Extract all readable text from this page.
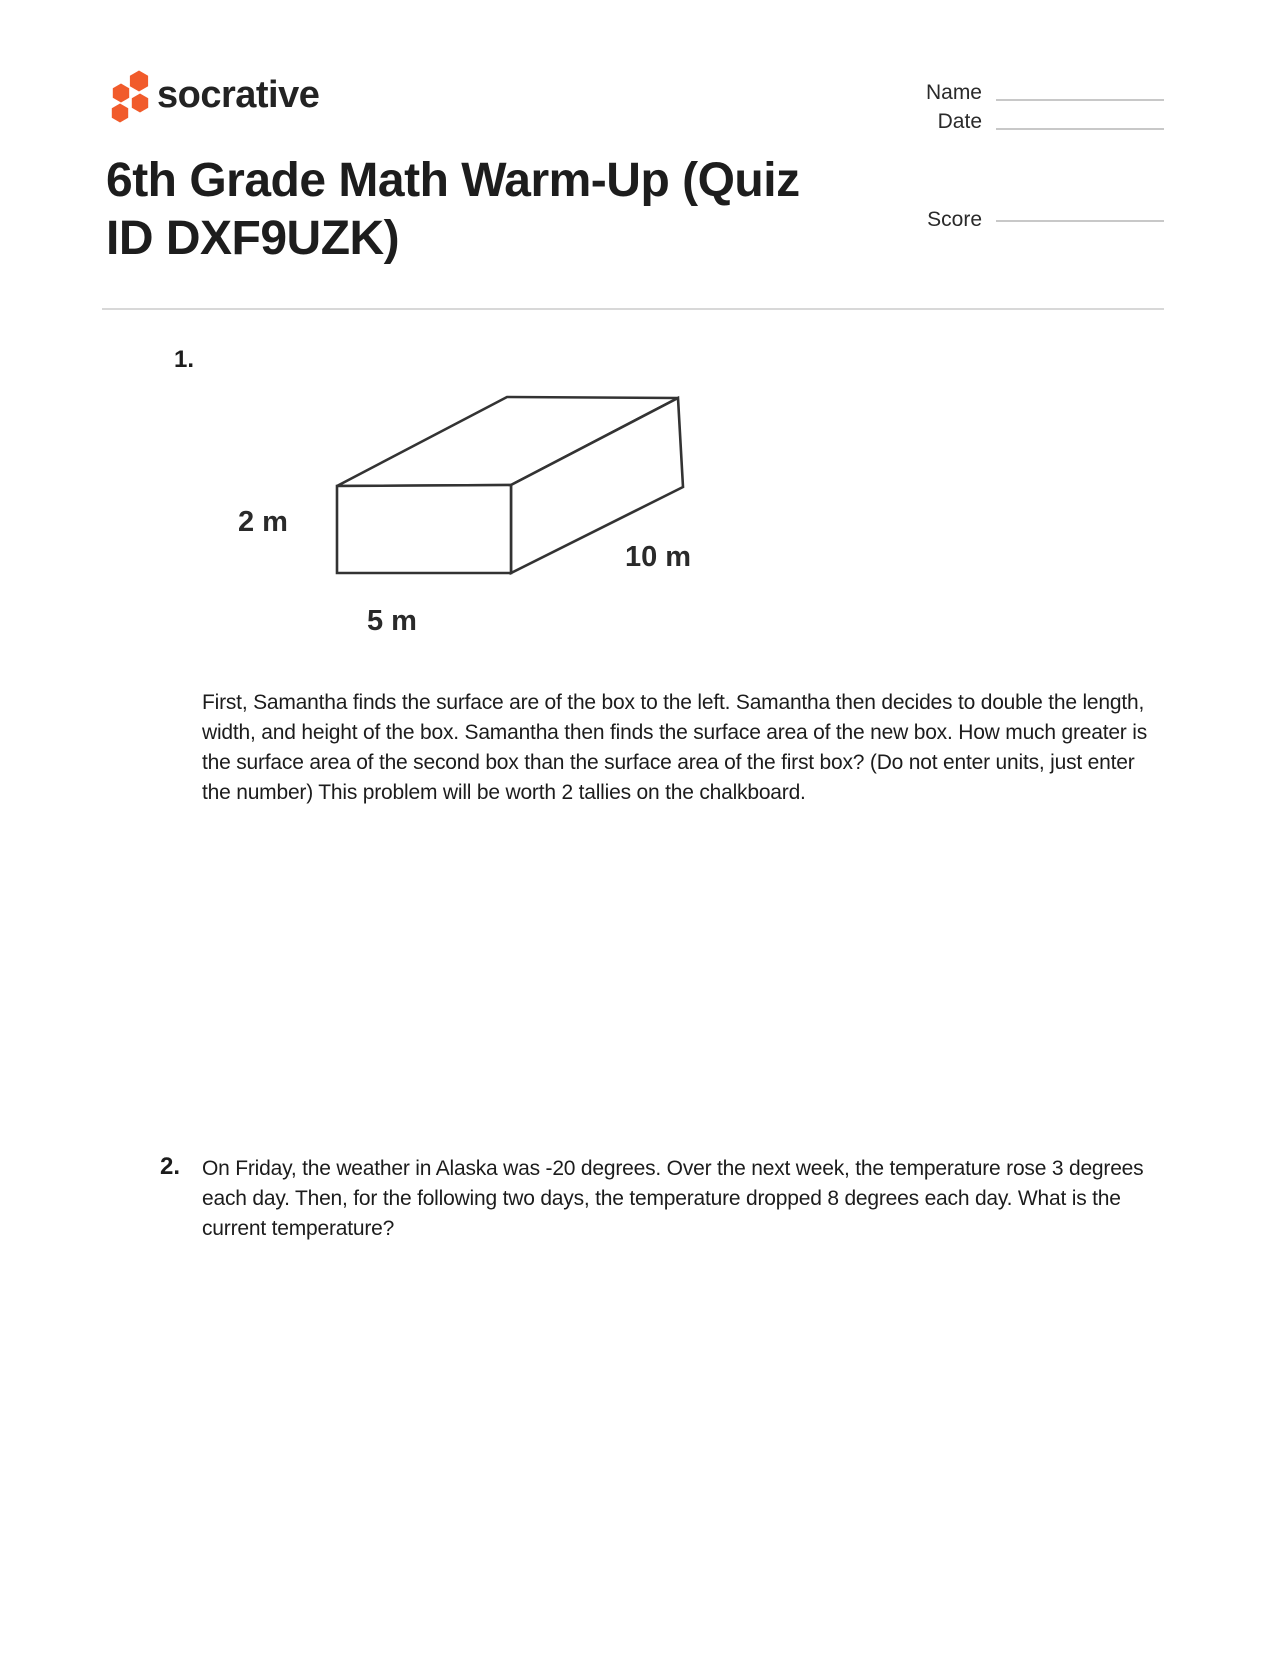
socrative	Name
Date
Score
6th Grade Math Warm-Up (Quiz ID DXF9UZK)
1.
2 m
5 m
10 m
First, Samantha finds the surface are of the box to the left. Samantha then decides to double the length, width, and height of the box. Samantha then finds the surface area of the new box. How much greater is the surface area of the second box than the surface area of the first box? (Do not enter units, just enter the number) This problem will be worth 2 tallies on the chalkboard.
2. On Friday, the weather in Alaska was -20 degrees. Over the next week, the temperature rose 3 degrees each day. Then, for the following two days, the temperature dropped 8 degrees each day. What is the current temperature?
